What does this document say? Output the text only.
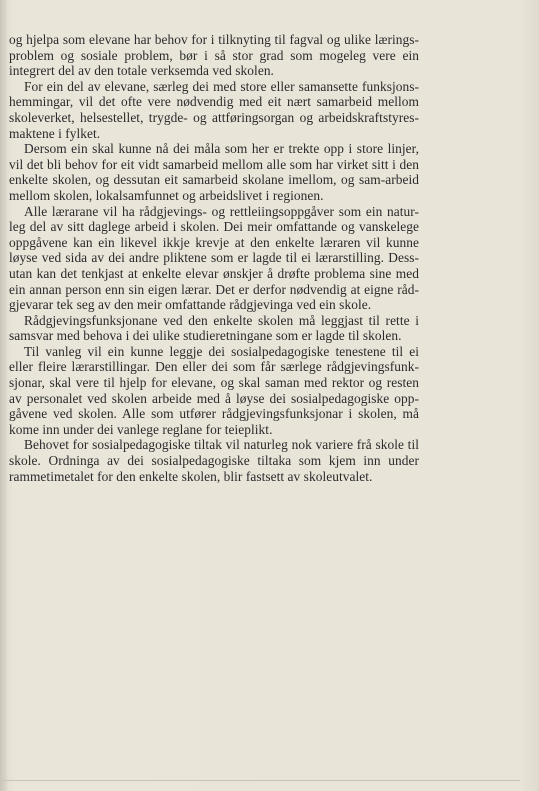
og hjelpa som elevane har behov for i tilknyting til fagval og ulike lærings-problem og sosiale problem, bør i så stor grad som mogeleg vere ein integrert del av den totale verksemda ved skolen.

For ein del av elevane, særleg dei med store eller samansette funksjons-hemmingar, vil det ofte vere nødvendig med eit nært samarbeid mellom skoleverket, helsestellet, trygde- og attføringsorgan og arbeidskraftstyres-maktene i fylket.

Dersom ein skal kunne nå dei måla som her er trekte opp i store linjer, vil det bli behov for eit vidt samarbeid mellom alle som har virket sitt i den enkelte skolen, og dessutan eit samarbeid skolane imellom, og sam-arbeid mellom skolen, lokalsamfunnet og arbeidslivet i regionen.

Alle lærarane vil ha rådgjevings- og rettleiingsoppgåver som ein natur-leg del av sitt daglege arbeid i skolen. Dei meir omfattande og vanskelege oppgåvene kan ein likevel ikkje krevje at den enkelte læraren vil kunne løyse ved sida av dei andre pliktene som er lagde til ei lærarstilling. Dess-utan kan det tenkjast at enkelte elevar ønskjer å drøfte problema sine med ein annan person enn sin eigen lærar. Det er derfor nødvendig at eigne råd-gjevarar tek seg av den meir omfattande rådgjevinga ved ein skole.

Rådgjevingsfunksjonane ved den enkelte skolen må leggjast til rette i samsvar med behova i dei ulike studieretningane som er lagde til skolen.

Til vanleg vil ein kunne leggje dei sosialpedagogiske tenestene til ei eller fleire lærarstillingar. Den eller dei som får særlege rådgjevingsfunk-sjonar, skal vere til hjelp for elevane, og skal saman med rektor og resten av personalet ved skolen arbeide med å løyse dei sosialpedagogiske opp-gåvene ved skolen. Alle som utfører rådgjevingsfunksjonar i skolen, må kome inn under dei vanlege reglane for teieplikt.

Behovet for sosialpedagogiske tiltak vil naturleg nok variere frå skole til skole. Ordninga av dei sosialpedagogiske tiltaka som kjem inn under rammetimetalet for den enkelte skolen, blir fastsett av skoleutvalet.
